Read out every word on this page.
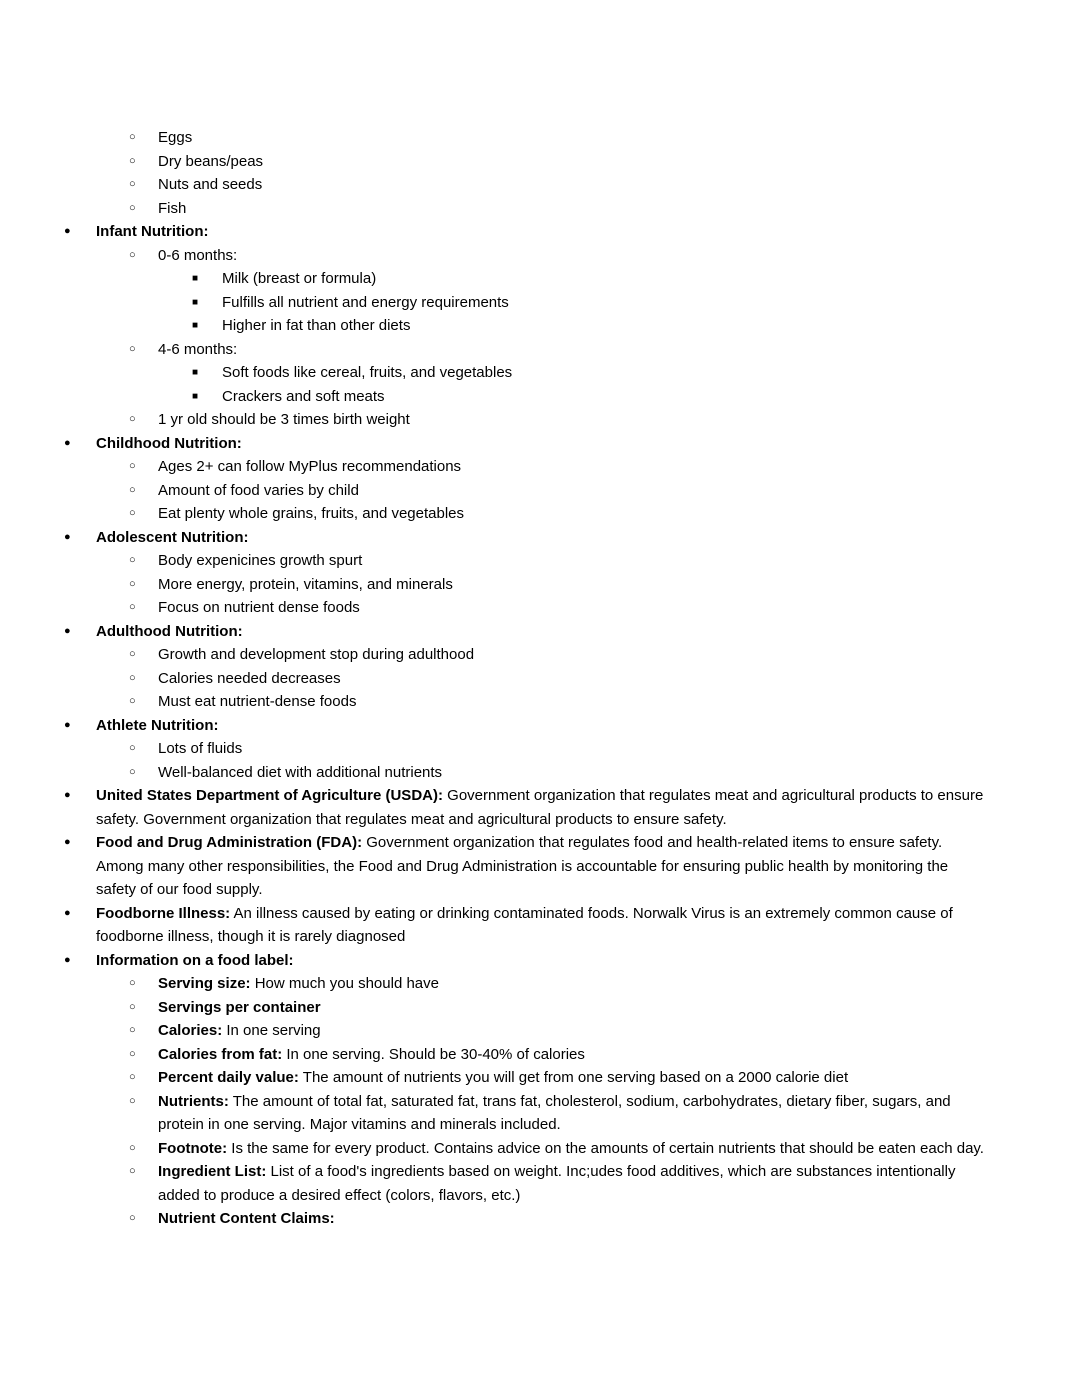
○	Eggs
○	Dry beans/peas
○	Nuts and seeds
○	Fish
●	Infant Nutrition:
○	0-6 months:
■	Milk (breast or formula)
■	Fulfills all nutrient and energy requirements
■	Higher in fat than other diets
○	4-6 months:
■	Soft foods like cereal, fruits, and vegetables
■	Crackers and soft meats
○	1 yr old should be 3 times birth weight
●	Childhood Nutrition:
○	Ages 2+ can follow MyPlus recommendations
○	Amount of food varies by child
○	Eat plenty whole grains, fruits, and vegetables
●	Adolescent Nutrition:
○	Body expenicines growth spurt
○	More energy, protein, vitamins, and minerals
○	Focus on nutrient dense foods
●	Adulthood Nutrition:
○	Growth and development stop during adulthood
○	Calories needed decreases
○	Must eat nutrient-dense foods
●	Athlete Nutrition:
○	Lots of fluids
○	Well-balanced diet with additional nutrients
●	United States Department of Agriculture (USDA): Government organization that regulates meat and agricultural products to ensure safety. Government organization that regulates meat and agricultural products to ensure safety.
●	Food and Drug Administration (FDA): Government organization that regulates food and health-related items to ensure safety. Among many other responsibilities, the Food and Drug Administration is accountable for ensuring public health by monitoring the safety of our food supply.
●	Foodborne Illness: An illness caused by eating or drinking contaminated foods. Norwalk Virus is an extremely common cause of foodborne illness, though it is rarely diagnosed
●	Information on a food label:
○	Serving size: How much you should have
○	Servings per container
○	Calories: In one serving
○	Calories from fat: In one serving. Should be 30-40% of calories
○	Percent daily value: The amount of nutrients you will get from one serving based on a 2000 calorie diet
○	Nutrients: The amount of total fat, saturated fat, trans fat, cholesterol, sodium, carbohydrates, dietary fiber, sugars, and protein in one serving. Major vitamins and minerals included.
○	Footnote: Is the same for every product. Contains advice on the amounts of certain nutrients that should be eaten each day.
○	Ingredient List: List of a food's ingredients based on weight. Inc;udes food additives, which are substances intentionally added to produce a desired effect (colors, flavors, etc.)
○	Nutrient Content Claims:
